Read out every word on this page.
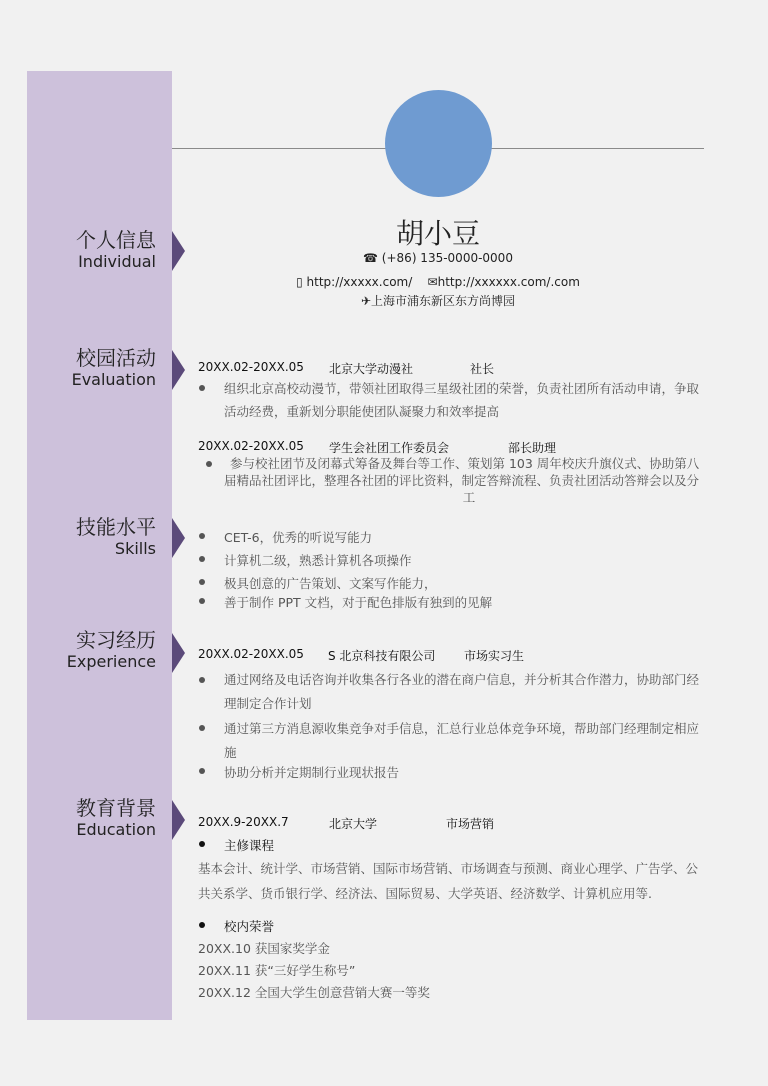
个人信息
Individual
校园活动
Evaluation
技能水平
Skills
实习经历
Experience
教育背景
Education
胡小豆
☎ (+86) 135-0000-0000
▯ http://xxxxx.com/ ✉http://xxxxxx.com/.com
✈上海市浦东新区东方尚博园
20XX.02-20XX.05 北京大学动漫社	社长
组织北京高校动漫节，带领社团取得三星级社团的荣誉，负责社团所有活动申请，争取
活动经费，重新划分职能使团队凝聚力和效率提高
20XX.02-20XX.05 学生会社团工作委员会	部长助理
参与校社团节及闭幕式筹备及舞台等工作、策划第 103 周年校庆升旗仪式、协助第八
届精品社团评比，整理各社团的评比资料，制定答辩流程、负责社团活动答辩会以及分
工
CET-6，优秀的听说写能力
计算机二级，熟悉计算机各项操作
极具创意的广告策划、文案写作能力，
善于制作 PPT 文档，对于配色排版有独到的见解
20XX.02-20XX.05 S 北京科技有限公司 市场实习生
通过网络及电话咨询并收集各行各业的潜在商户信息，并分析其合作潜力，协助部门经
理制定合作计划
通过第三方消息源收集竞争对手信息，汇总行业总体竞争环境，帮助部门经理制定相应
施
协助分析并定期制行业现状报告
20XX.9-20XX.7	北京大学	市场营销
主修课程
基本会计、统计学、市场营销、国际市场营销、市场调查与预测、商业心理学、广告学、公
共关系学、货币银行学、经济法、国际贸易、大学英语、经济数学、计算机应用等.
校内荣誉
20XX.10 获国家奖学金
20XX.11 获“三好学生称号”
20XX.12 全国大学生创意营销大赛一等奖
